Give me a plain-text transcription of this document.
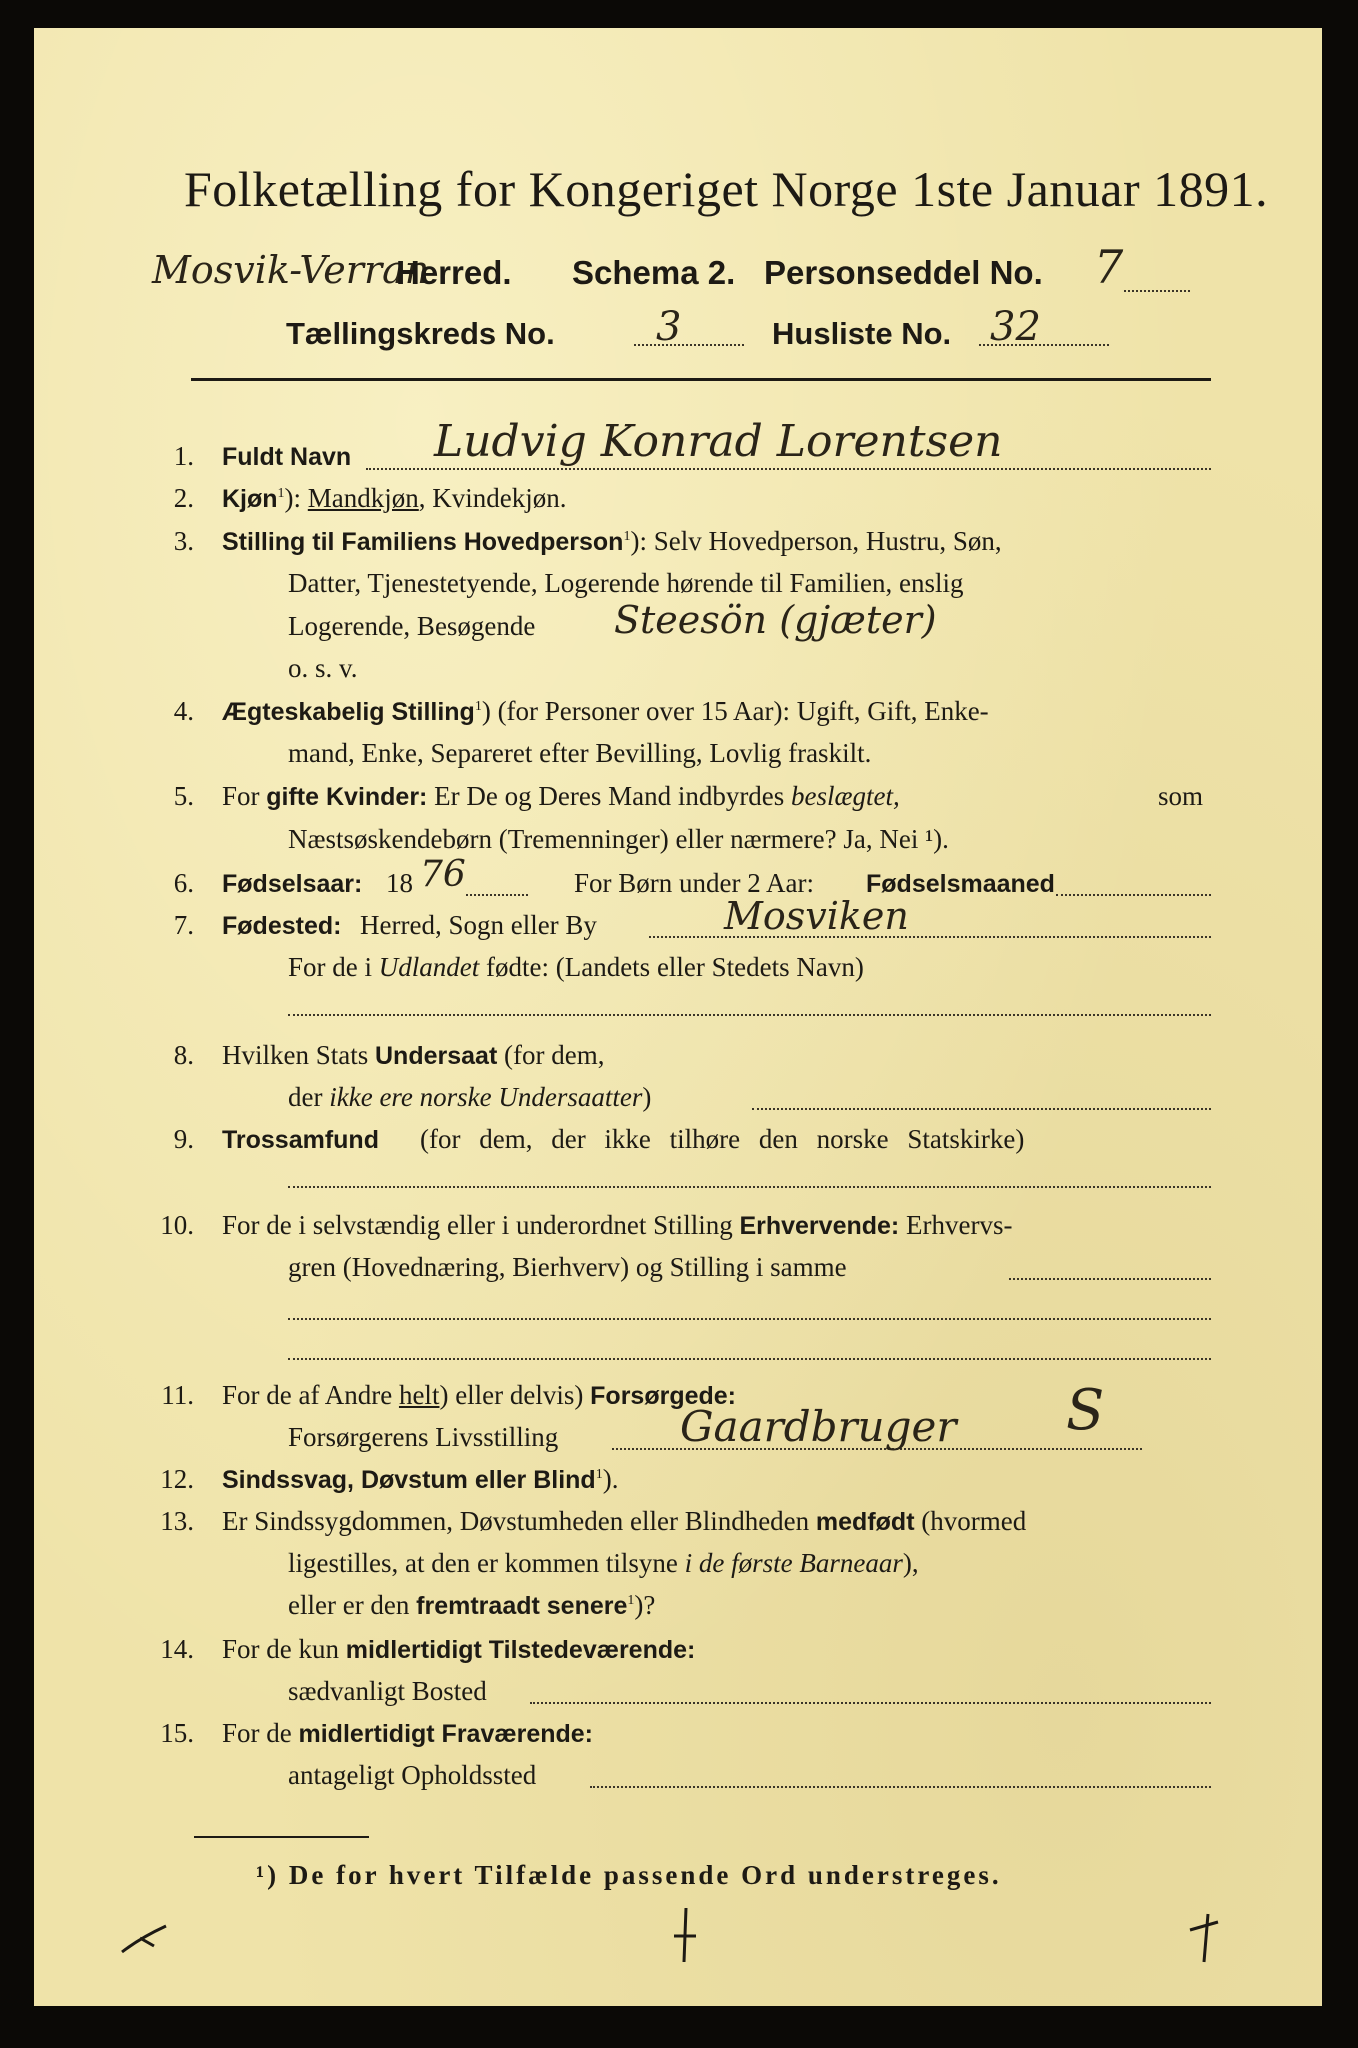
Folketælling for Kongeriget Norge 1ste Januar 1891.
Mosvik-Verran
Herred. Schema 2. Personseddel No. 7
Tællingskreds No.	3	Husliste No. 32
1. Fuldt Navn Ludvig Konrad Lorentsen
2. Kjøn$^1$): Mandkjøn, Kvindekjøn.
3. Stilling til Familiens Hovedperson$^1$): Selv Hovedperson, Hustru, Søn,
Datter, Tjenestetyende, Logerende hørende til Familien, enslig
Logerende, Besøgende Steesön (gjæter)
o. s. v.
4. Ægteskabelig Stilling$^1$) (for Personer over 15 Aar): Ugift, Gift, Enke-
mand, Enke, Separeret efter Bevilling, Lovlig fraskilt.
5. For gifte Kvinder: Er De og Deres Mand indbyrdes beslægtet,	som
Næstsøskendebørn (Tremenninger) eller nærmere? Ja, Nei ¹).
6. Fødselsaar: 18 76	For Børn under 2 Aar: Fødselsmaaned
7. Fødested: Herred, Sogn eller By	Mosviken
For de i Udlandet fødte: (Landets eller Stedets Navn)
8. Hvilken Stats Undersaat (for dem,
der ikke ere norske Undersaatter)
9. Trossamfund (for dem, der ikke tilhøre den norske Statskirke)
10. For de i selvstændig eller i underordnet Stilling Erhvervende: Erhvervs-
gren (Hovednæring, Bierhverv) og Stilling i samme
11. For de af Andre helt) eller delvis) Forsørgede:
Forsørgerens Livsstilling	Gaardbruger S
12. Sindssvag, Døvstum eller Blind$^1$).
13. Er Sindssygdommen, Døvstumheden eller Blindheden medfødt (hvormed
ligestilles, at den er kommen tilsyne i de første Barneaar),
eller er den fremtraadt senere$^1$)?
14. For de kun midlertidigt Tilstedeværende:
sædvanligt Bosted
15. For de midlertidigt Fraværende:
antageligt Opholdssted
¹) De for hvert Tilfælde passende Ord understreges.
